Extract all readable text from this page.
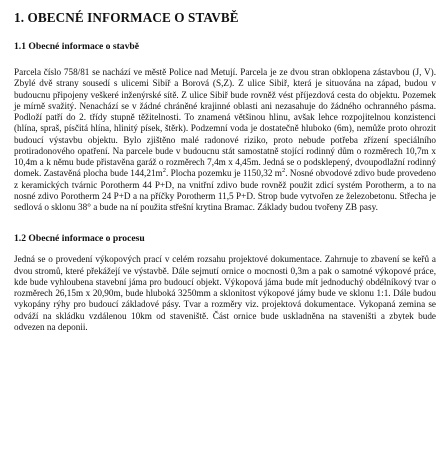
1. OBECNÉ INFORMACE O STAVBĚ
1.1 Obecné informace o stavbě

Parcela číslo 758/81 se nachází ve městě Police nad Metují. Parcela je ze dvou stran obklopena zástavbou (J, V). Zbylé dvě strany sousedí s ulicemi Sibiř a Borová (S,Z). Z ulice Sibiř, která je situována na západ, budou v budoucnu připojeny veškeré inženýrské sítě. Z ulice Sibiř bude rovněž vést příjezdová cesta do objektu. Pozemek je mírně svažitý. Nenachází se v žádné chráněné krajinné oblasti ani nezasahuje do žádného ochranného pásma. Podloží patří do 2. třídy stupně těžitelnosti. To znamená většinou hlinu, avšak lehce rozpojitelnou konzistenci (hlína, spraš, písčitá hlína, hlinitý písek, štěrk). Podzemní voda je dostatečně hluboko (6m), nemůže proto ohrozit budoucí výstavbu objektu. Bylo zjištěno malé radonové riziko, proto nebude potřeba zřízení speciálního protiradonového opatření. Na parcele bude v budoucnu stát samostatně stojící rodinný dům o rozměrech 10,7m x 10,4m a k němu bude přistavěna garáž o rozměrech 7,4m x 4,45m. Jedná se o podsklepený, dvoupodlažní rodinný domek. Zastavěná plocha bude $144,21m^2$. Plocha pozemku je 1150,32 $m^2$. Nosné obvodové zdivo bude provedeno z keramických tvárnic Porotherm 44 P+D, na vnitřní zdivo bude rovněž použit zdicí systém Porotherm, a to na nosné zdivo Porotherm 24 P+D a na příčky Porotherm 11,5 P+D. Strop bude vytvořen ze železobetonu. Střecha je sedlová o sklonu 38° a bude na ní použita střešní krytina Bramac. Základy budou tvořeny ZB pasy.

1.2 Obecné informace o procesu

Jedná se o provedení výkopových prací v celém rozsahu projektové dokumentace. Zahrnuje to zbavení se keřů a dvou stromů, které překážejí ve výstavbě. Dále sejmutí ornice o mocnosti 0,3m a pak o samotné výkopové práce, kde bude vyhloubena stavební jáma pro budoucí objekt. Výkopová jáma bude mít jednoduchý obdélníkový tvar o rozměrech 26,15m x 20,90m, bude hluboká 3250mm a sklonitost výkopové jámy bude ve sklonu 1:1. Dále budou vykopány rýhy pro budoucí základové pásy. Tvar a rozměry viz. projektová dokumentace. Vykopaná zemina se odváží na skládku vzdálenou 10km od staveniště. Část ornice bude uskladněna na staveništi a zbytek bude odvezen na deponii.
